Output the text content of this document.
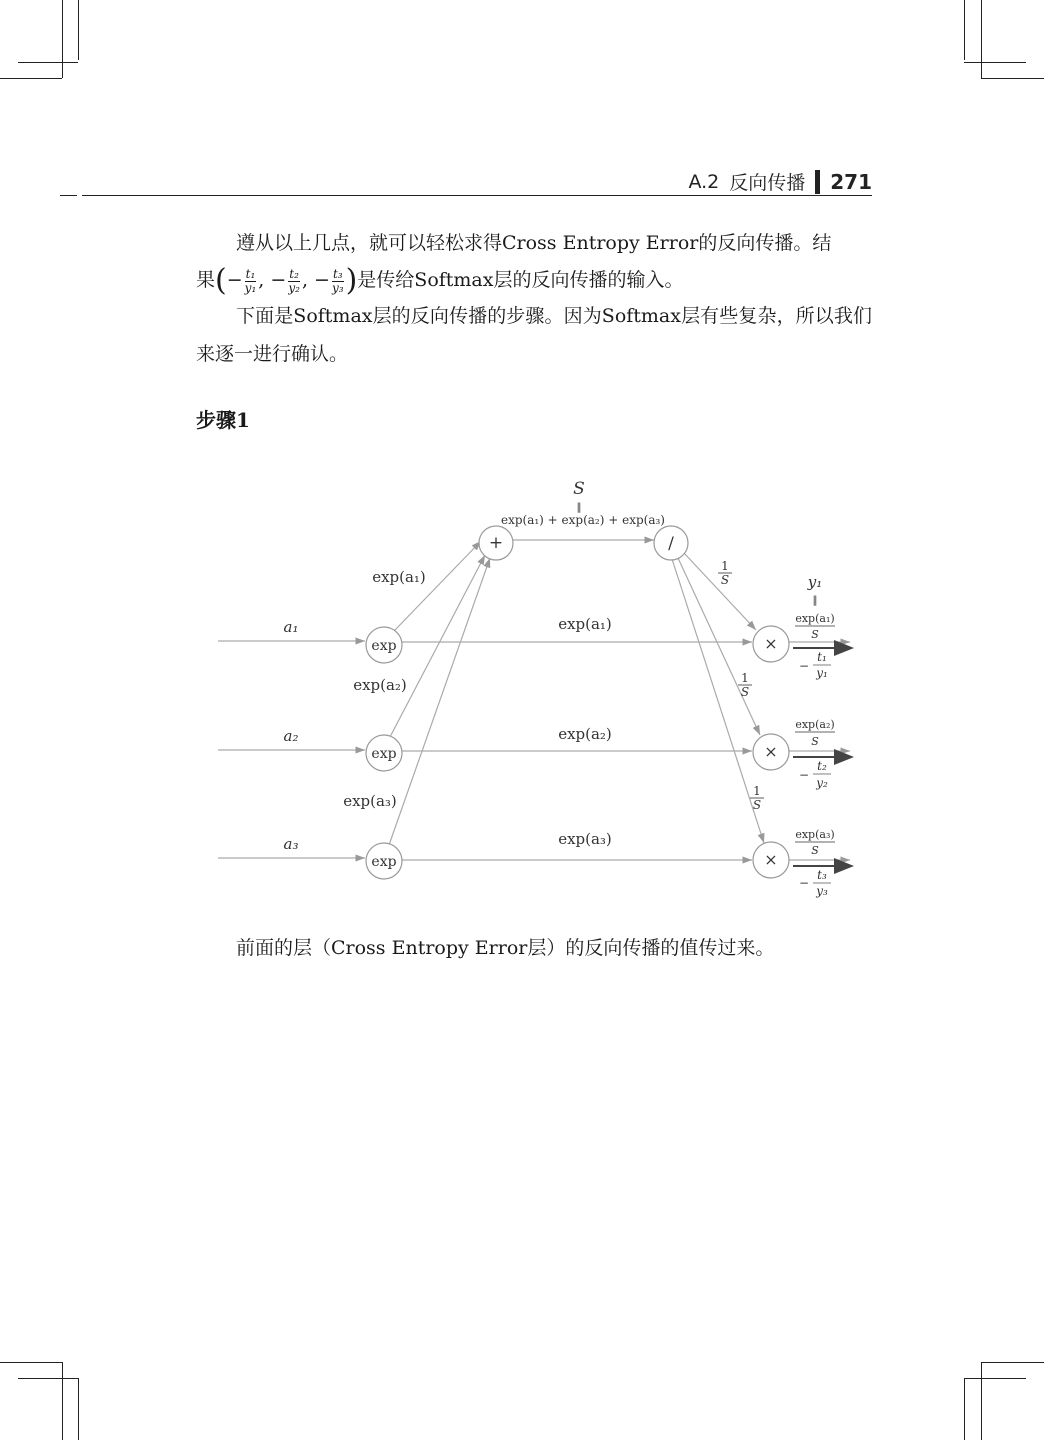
A.2 反向传播 271
遵从以上几点，就可以轻松求得Cross Entropy Error的反向传播。结
果(− $\frac{\text{t₁}}{\text{y₁}}$ , − $\frac{\text{t₂}}{\text{y₂}}$ , − $\frac{\text{t₃}}{\text{y₃}}$ )是传给Softmax层的反向传播的输入。
下面是Softmax层的反向传播的步骤。因为Softmax层有些复杂，所以我们来逐一进行确认。
步骤1
+	/
exp
exp
exp
×
×
×
S
‖
exp(a₁) + exp(a₂) + exp(a₃)
a₁
a₂
a₃
exp(a₁)
exp(a₂)
exp(a₃)
exp(a₁)
exp(a₂)
exp(a₃)
1
S
1
S
1
S
y₁
‖
exp(a₁)
S
exp(a₂)
S
exp(a₃)
S
−
t₁
y₁
−
t₂
y₂
−
t₃
y₃
前面的层（Cross Entropy Error层）的反向传播的值传过来。
